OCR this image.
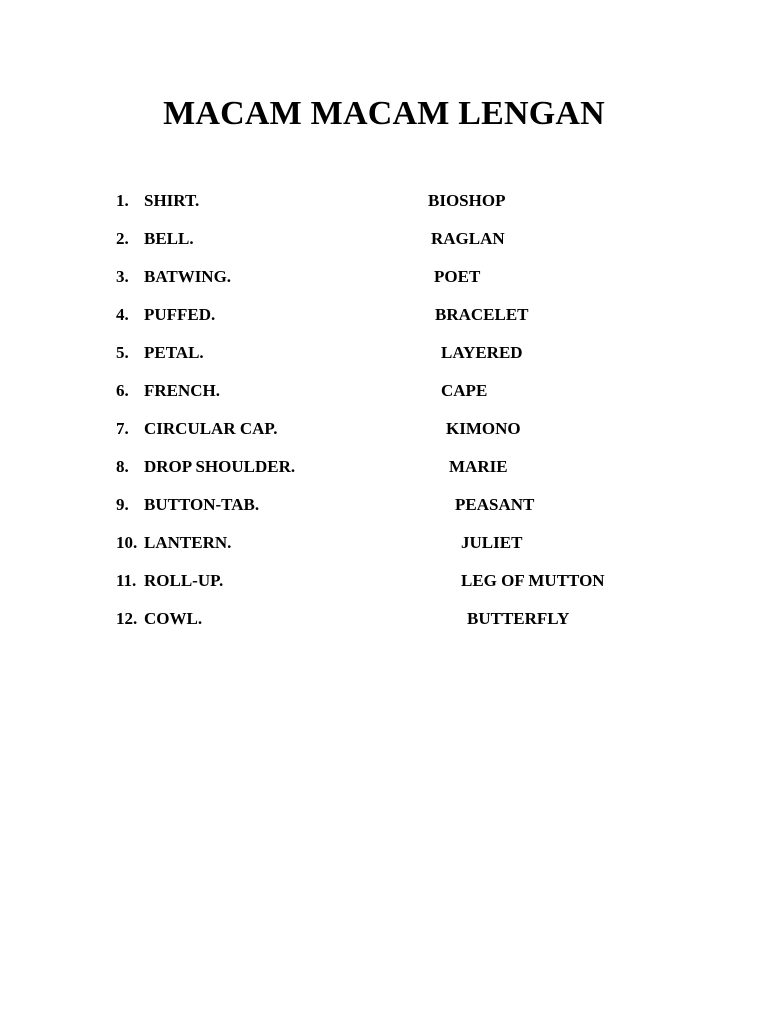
MACAM MACAM LENGAN
1. SHIRT.	BIOSHOP
2. BELL.	RAGLAN
3. BATWING.	POET
4. PUFFED.	BRACELET
5. PETAL.	LAYERED
6. FRENCH.	CAPE
7. CIRCULAR CAP.	KIMONO
8. DROP SHOULDER.	MARIE
9. BUTTON-TAB.	PEASANT
10. LANTERN.	JULIET
11. ROLL-UP.	LEG OF MUTTON
12. COWL.	BUTTERFLY
